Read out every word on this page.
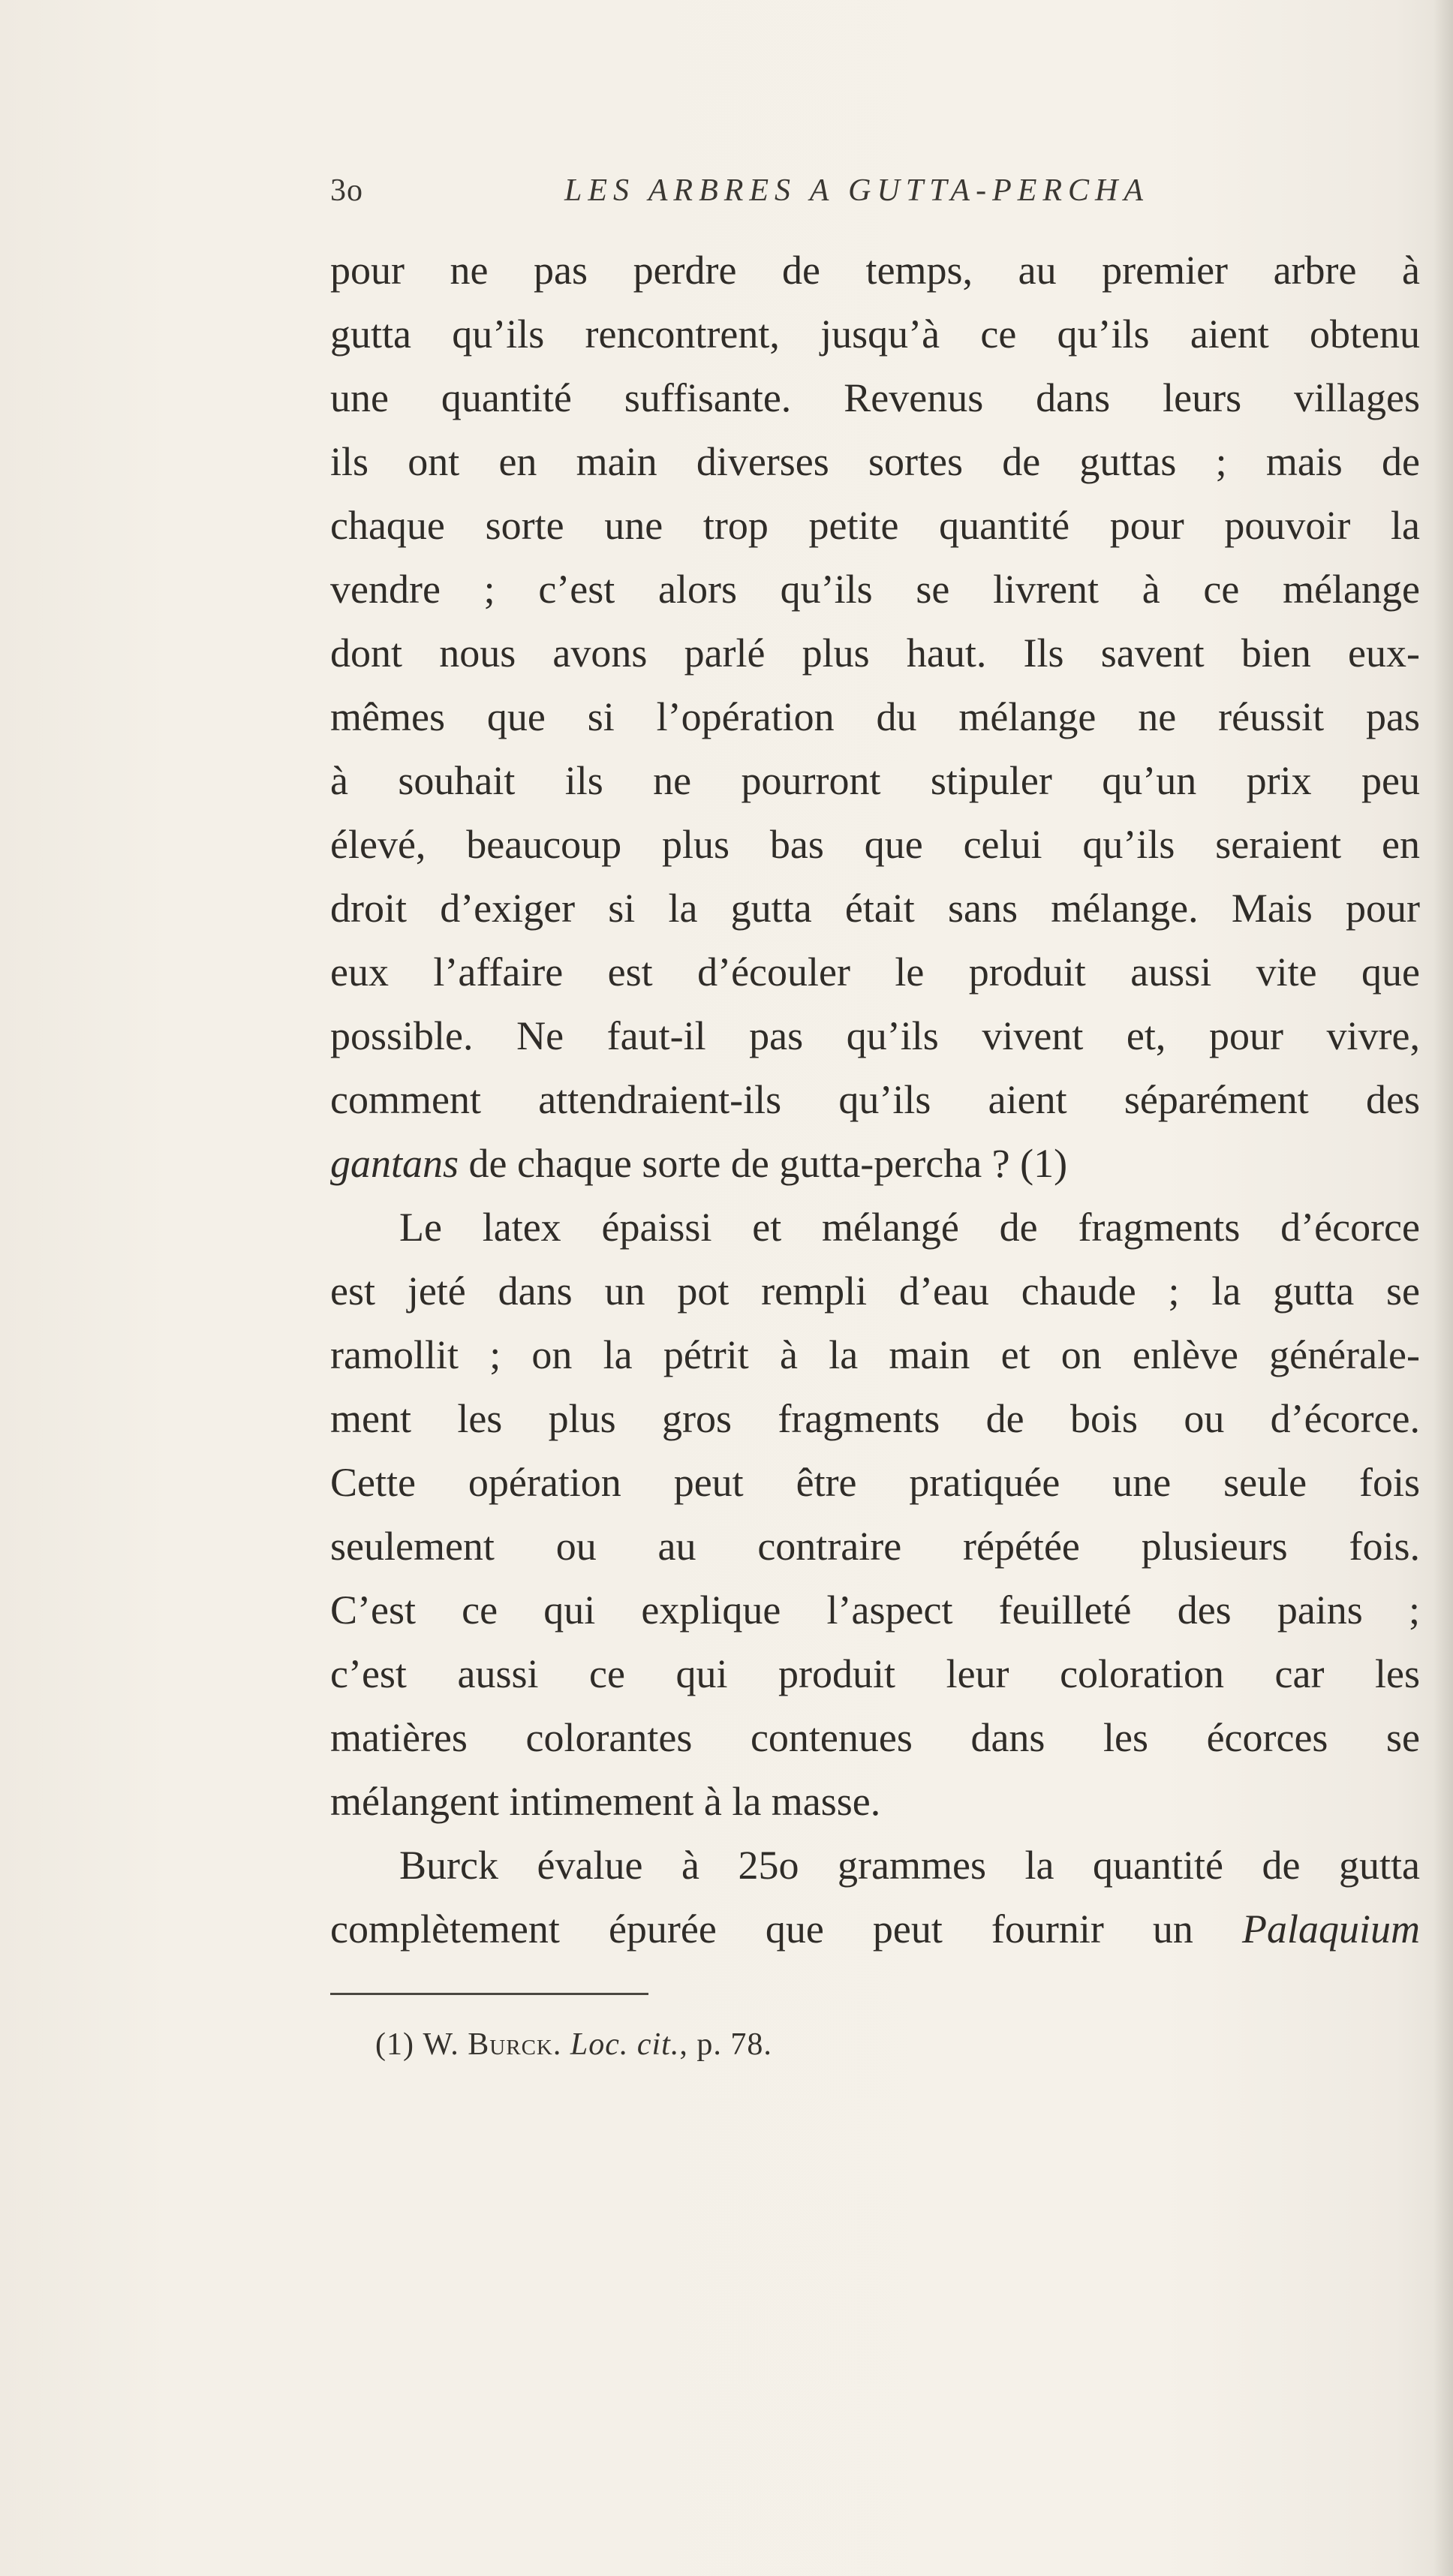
3o	LES ARBRES A GUTTA-PERCHA
pour ne pas perdre de temps, au premier arbre à
gutta qu’ils rencontrent, jusqu’à ce qu’ils aient obtenu
une quantité suffisante. Revenus dans leurs villages
ils ont en main diverses sortes de guttas ; mais de
chaque sorte une trop petite quantité pour pouvoir la
vendre ; c’est alors qu’ils se livrent à ce mélange
dont nous avons parlé plus haut. Ils savent bien eux-
mêmes que si l’opération du mélange ne réussit pas
à souhait ils ne pourront stipuler qu’un prix peu
élevé, beaucoup plus bas que celui qu’ils seraient en
droit d’exiger si la gutta était sans mélange. Mais pour
eux l’affaire est d’écouler le produit aussi vite que
possible. Ne faut-il pas qu’ils vivent et, pour vivre,
comment attendraient-ils qu’ils aient séparément des
gantans de chaque sorte de gutta-percha ? (1)
Le latex épaissi et mélangé de fragments d’écorce
est jeté dans un pot rempli d’eau chaude ; la gutta se
ramollit ; on la pétrit à la main et on enlève générale-
ment les plus gros fragments de bois ou d’écorce.
Cette opération peut être pratiquée une seule fois
seulement ou au contraire répétée plusieurs fois.
C’est ce qui explique l’aspect feuilleté des pains ;
c’est aussi ce qui produit leur coloration car les
matières colorantes contenues dans les écorces se
mélangent intimement à la masse.
Burck évalue à 25o grammes la quantité de gutta
complètement épurée que peut fournir un Palaquium
(1) W. Burck. Loc. cit., p. 78.
